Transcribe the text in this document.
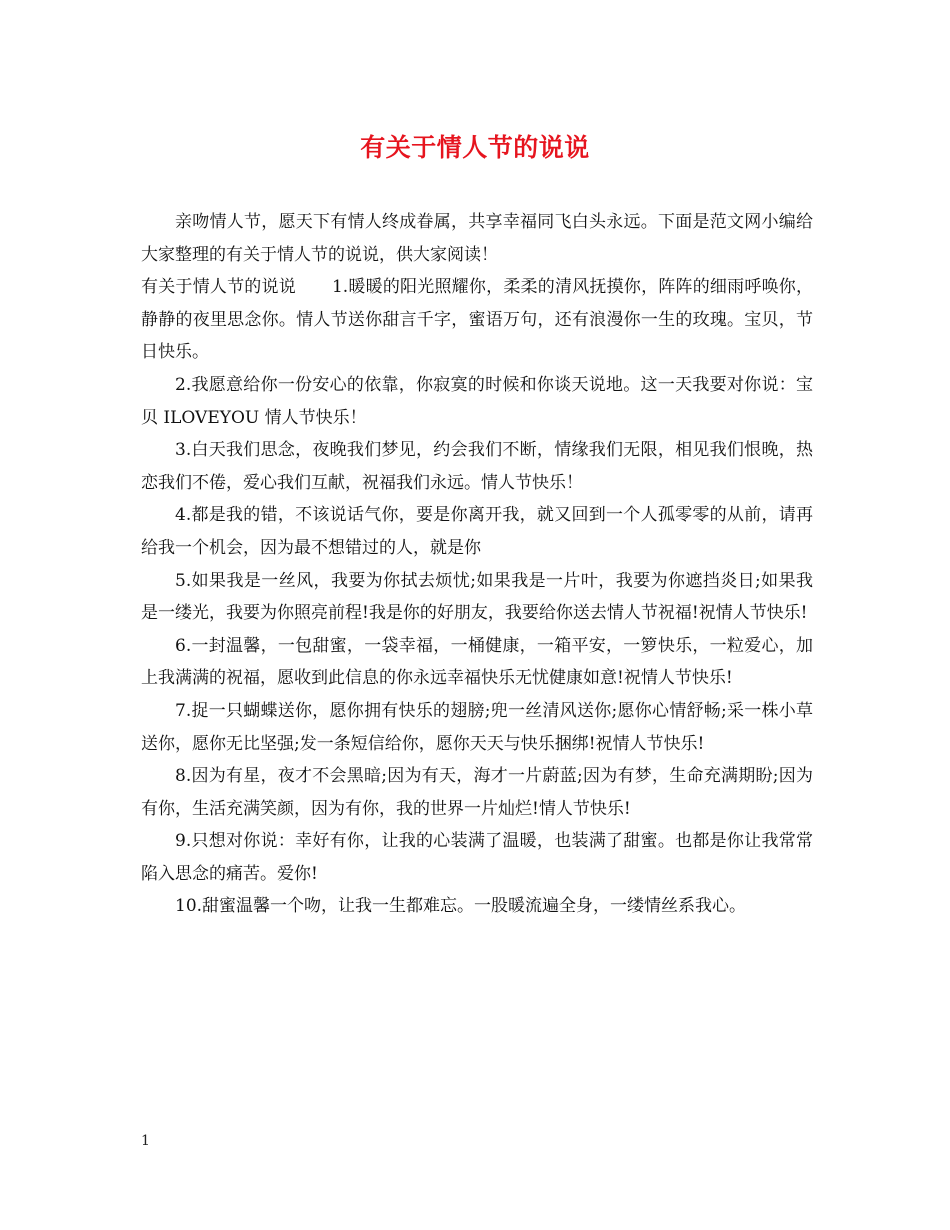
有关于情人节的说说

亲吻情人节，愿天下有情人终成眷属，共享幸福同飞白头永远。下面是范文网小编给大家整理的有关于情人节的说说，供大家阅读！

有关于情人节的说说 1.暖暖的阳光照耀你，柔柔的清风抚摸你，阵阵的细雨呼唤你，静静的夜里思念你。情人节送你甜言千字，蜜语万句，还有浪漫你一生的玫瑰。宝贝，节日快乐。

2.我愿意给你一份安心的依靠，你寂寞的时候和你谈天说地。这一天我要对你说：宝贝 ILOVEYOU 情人节快乐！

3.白天我们思念，夜晚我们梦见，约会我们不断，情缘我们无限，相见我们恨晚，热恋我们不倦，爱心我们互献，祝福我们永远。情人节快乐！

4.都是我的错，不该说话气你，要是你离开我，就又回到一个人孤零零的从前，请再给我一个机会，因为最不想错过的人，就是你

5.如果我是一丝风，我要为你拭去烦忧;如果我是一片叶，我要为你遮挡炎日;如果我是一缕光，我要为你照亮前程!我是你的好朋友，我要给你送去情人节祝福!祝情人节快乐!

6.一封温馨，一包甜蜜，一袋幸福，一桶健康，一箱平安，一箩快乐，一粒爱心，加上我满满的祝福，愿收到此信息的你永远幸福快乐无忧健康如意!祝情人节快乐!

7.捉一只蝴蝶送你，愿你拥有快乐的翅膀;兜一丝清风送你;愿你心情舒畅;采一株小草送你，愿你无比坚强;发一条短信给你，愿你天天与快乐捆绑!祝情人节快乐!

8.因为有星，夜才不会黑暗;因为有天，海才一片蔚蓝;因为有梦，生命充满期盼;因为有你，生活充满笑颜，因为有你，我的世界一片灿烂!情人节快乐!

9.只想对你说：幸好有你，让我的心装满了温暖，也装满了甜蜜。也都是你让我常常陷入思念的痛苦。爱你!

10.甜蜜温馨一个吻，让我一生都难忘。一股暖流遍全身，一缕情丝系我心。

1
